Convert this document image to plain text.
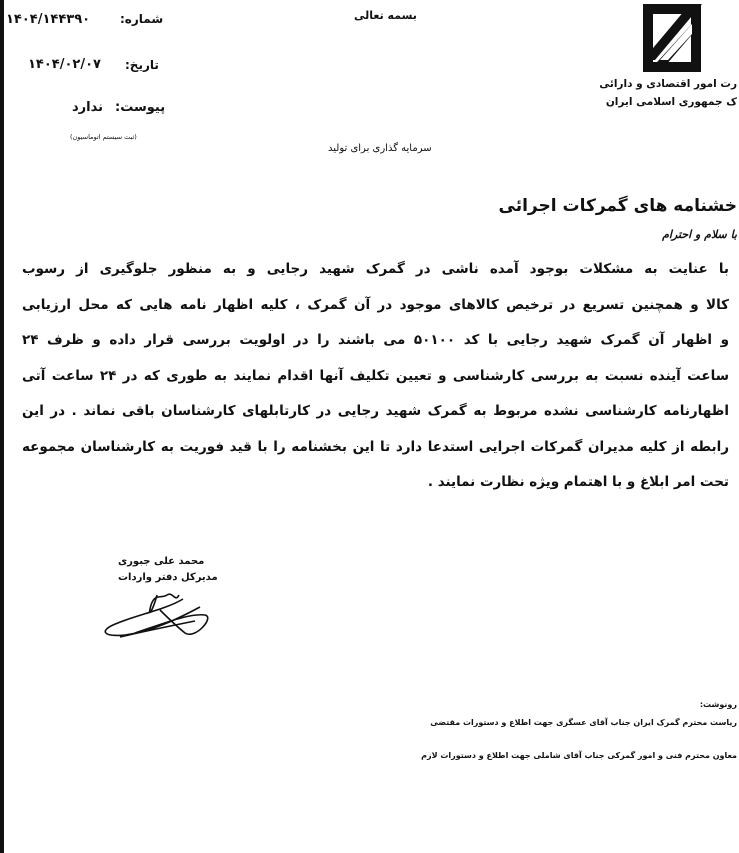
رت امور اقتصادی و دارائی
ک جمهوری اسلامی ایران
بسمه تعالی
سرمایه گذاری برای تولید
شماره:
۱۴۰۴/۱۴۴۳۹۰
تاریخ:
۱۴۰۴/۰۲/۰۷
پیوست:
ندارد
(ثبت سیستم اتوماسیون)
خشنامه های گمرکات اجرائی
با سلام و احترام
با عنایت به مشکلات بوجود آمده ناشی در گمرک شهید رجایی و به منظور جلوگیری از رسوب
کالا و همچنین تسریع در ترخیص کالاهای موجود در آن گمرک ، کلیه اظهار نامه هایی که محل ارزیابی
و اظهار آن گمرک شهید رجایی با کد ۵۰۱۰۰ می باشند را در اولویت بررسی قرار داده و ظرف ۲۴
ساعت آینده نسبت به بررسی کارشناسی و تعیین تکلیف آنها اقدام نمایند به طوری که در ۲۴ ساعت آتی
اظهارنامه کارشناسی نشده مربوط به گمرک شهید رجایی در کارتابلهای کارشناسان باقی نماند . در این
رابطه از کلیه مدیران گمرکات اجرایی استدعا دارد تا این بخشنامه را با قید فوریت به کارشناسان مجموعه
تحت امر ابلاغ و با اهتمام ویژه نظارت نمایند .
محمد علی جبوری
مدیرکل دفتر واردات
رونوشت:
ریاست محترم گمرک ایران جناب آقای عسگری جهت اطلاع و دستورات مقتضی
معاون محترم فنی و امور گمرکی جناب آقای شاملی جهت اطلاع و دستورات لازم
